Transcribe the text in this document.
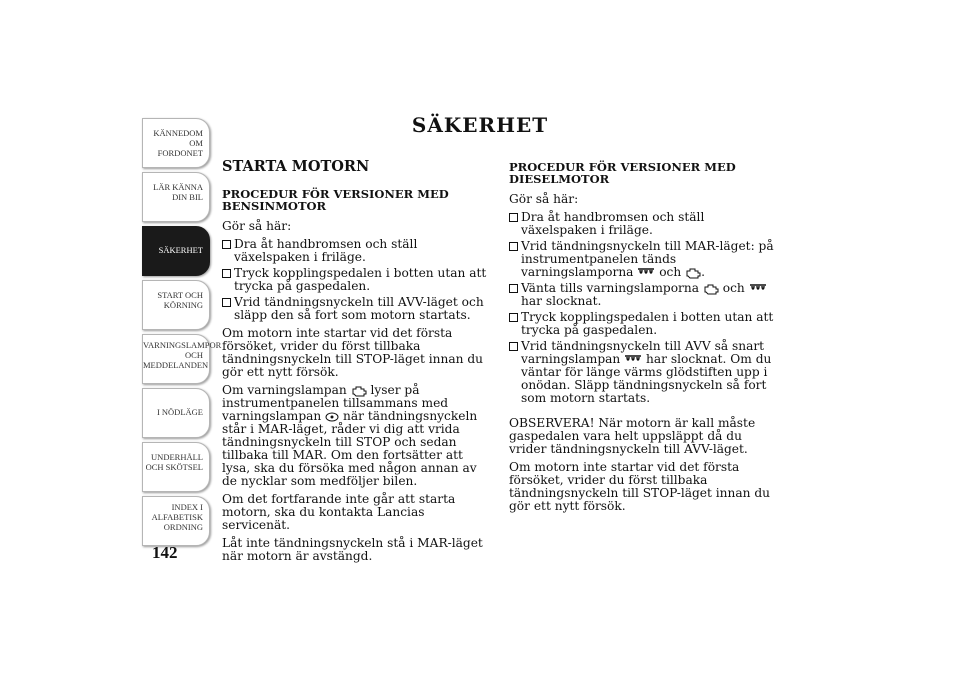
KÄNNEDOM OM FORDONET
LÄR KÄNNA DIN BIL
SÄKERHET
START OCH KÖRNING
VARNINGSLAMPOR OCH MEDDELANDEN
I NÖDLÄGE
UNDERHÅLL OCH SKÖTSEL
INDEX I ALFABETISK ORDNING
142
SÄKERHET
STARTA MOTORN
PROCEDUR FÖR VERSIONER MED BENSINMOTOR

Gör så här:

Dra åt handbromsen och ställ växelspaken i friläge.
Tryck kopplingspedalen i botten utan att trycka på gaspedalen.
Vrid tändningsnyckeln till AVV-läget och släpp den så fort som motorn startats.

Om motorn inte startar vid det första försöket, vrider du först tillbaka tändningsnyckeln till STOP-läget innan du gör ett nytt försök.

Om varningslampan lyser på instrumentpanelen tillsammans med varningslampan när tändningsnyckeln står i MAR-läget, råder vi dig att vrida tändningsnyckeln till STOP och sedan tillbaka till MAR. Om den fortsätter att lysa, ska du försöka med någon annan av de nycklar som medföljer bilen.

Om det fortfarande inte går att starta motorn, ska du kontakta Lancias servicenät.

Låt inte tändningsnyckeln stå i MAR-läget när motorn är avstängd.

PROCEDUR FÖR VERSIONER MED DIESELMOTOR

Gör så här:

Dra åt handbromsen och ställ växelspaken i friläge.
Vrid tändningsnyckeln till MAR-läget: på instrumentpanelen tänds varningslamporna och .
Vänta tills varningslamporna och  har slocknat.
Tryck kopplingspedalen i botten utan att trycka på gaspedalen.
Vrid tändningsnyckeln till AVV så snart varningslampan har slocknat. Om du väntar för länge värms glödstiften upp i onödan. Släpp tändningsnyckeln så fort som motorn startats.

OBSERVERA! När motorn är kall måste gaspedalen vara helt uppsläppt då du vrider tändningsnyckeln till AVV-läget.

Om motorn inte startar vid det första försöket, vrider du först tillbaka tändningsnyckeln till STOP-läget innan du gör ett nytt försök.
